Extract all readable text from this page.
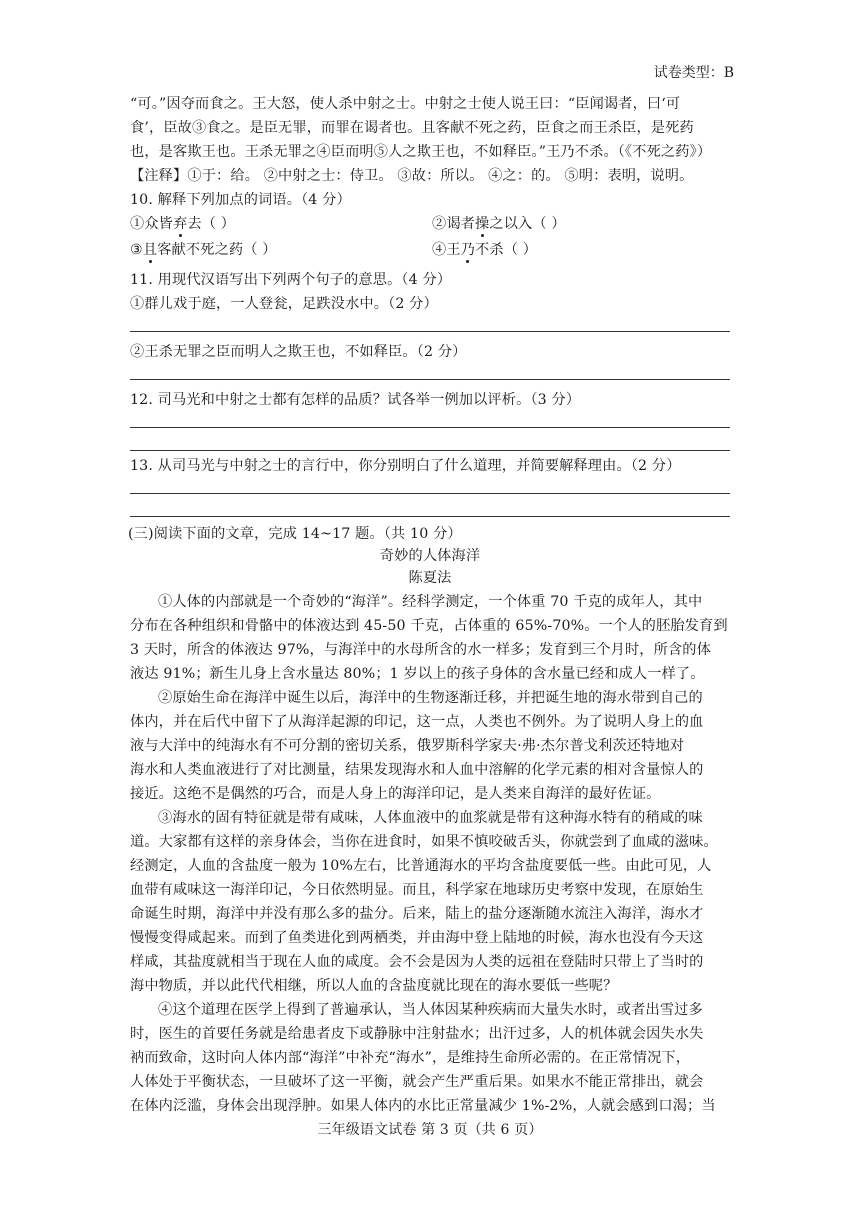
试卷类型：B
“可。”因夺而食之。王大怒，使人杀中射之士。中射之士使人说王曰：“臣闻谒者，曰‘可
食’，臣故③食之。是臣无罪，而罪在谒者也。且客献不死之药，臣食之而王杀臣，是死药
也，是客欺王也。王杀无罪之④臣而明⑤人之欺王也，不如释臣。”王乃不杀。（《不死之药》）
【注释】①于：给。 ②中射之士：侍卫。 ③故：所以。 ④之：的。 ⑤明：表明，说明。
10. 解释下列加点的词语。（4 分）
①众皆弃去（ ）	②谒者操之以入（ ）
③且客献不死之药（ ）	④王乃不杀（ ）
11. 用现代汉语写出下列两个句子的意思。（4 分）
①群儿戏于庭，一人登瓮，足跌没水中。（2 分）
②王杀无罪之臣而明人之欺王也，不如释臣。（2 分）
12. 司马光和中射之士都有怎样的品质？试各举一例加以评析。（3 分）
13. 从司马光与中射之士的言行中，你分别明白了什么道理，并简要解释理由。（2 分）
(三)阅读下面的文章，完成 14~17 题。（共 10 分）
奇妙的人体海洋
陈夏法
①人体的内部就是一个奇妙的“海洋”。经科学测定，一个体重 70 千克的成年人，其中
分布在各种组织和骨骼中的体液达到 45-50 千克，占体重的 65%-70%。一个人的胚胎发育到
3 天时，所含的体液达 97%，与海洋中的水母所含的水一样多；发育到三个月时，所含的体
液达 91%；新生儿身上含水量达 80%；1 岁以上的孩子身体的含水量已经和成人一样了。
②原始生命在海洋中诞生以后，海洋中的生物逐渐迁移，并把诞生地的海水带到自己的
体内，并在后代中留下了从海洋起源的印记，这一点，人类也不例外。为了说明人身上的血
液与大洋中的纯海水有不可分割的密切关系，俄罗斯科学家夫·弗·杰尔普戈利茨还特地对
海水和人类血液进行了对比测量，结果发现海水和人血中溶解的化学元素的相对含量惊人的
接近。这绝不是偶然的巧合，而是人身上的海洋印记，是人类来自海洋的最好佐证。
③海水的固有特征就是带有咸味，人体血液中的血浆就是带有这种海水特有的稍咸的味
道。大家都有这样的亲身体会，当你在进食时，如果不慎咬破舌头，你就尝到了血咸的滋味。
经测定，人血的含盐度一般为 10%左右，比普通海水的平均含盐度要低一些。由此可见，人
血带有咸味这一海洋印记，今日依然明显。而且，科学家在地球历史考察中发现，在原始生
命诞生时期，海洋中并没有那么多的盐分。后来，陆上的盐分逐渐随水流注入海洋，海水才
慢慢变得咸起来。而到了鱼类进化到两栖类，并由海中登上陆地的时候，海水也没有今天这
样咸，其盐度就相当于现在人血的咸度。会不会是因为人类的远祖在登陆时只带上了当时的
海中物质，并以此代代相继，所以人血的含盐度就比现在的海水要低一些呢？
④这个道理在医学上得到了普遍承认，当人体因某种疾病而大量失水时，或者出雪过多
时，医生的首要任务就是给患者皮下或静脉中注射盐水；出汗过多，人的机体就会因失水失
衲而致命，这时向人体内部“海洋”中补充“海水”，是维持生命所必需的。在正常情况下，
人体处于平衡状态，一旦破坏了这一平衡，就会产生严重后果。如果水不能正常排出，就会
在体内泛滥，身体会出现浮肿。如果人体内的水比正常量减少 1%-2%，人就会感到口渴；当
三年级语文试卷 第 3 页（共 6 页）
